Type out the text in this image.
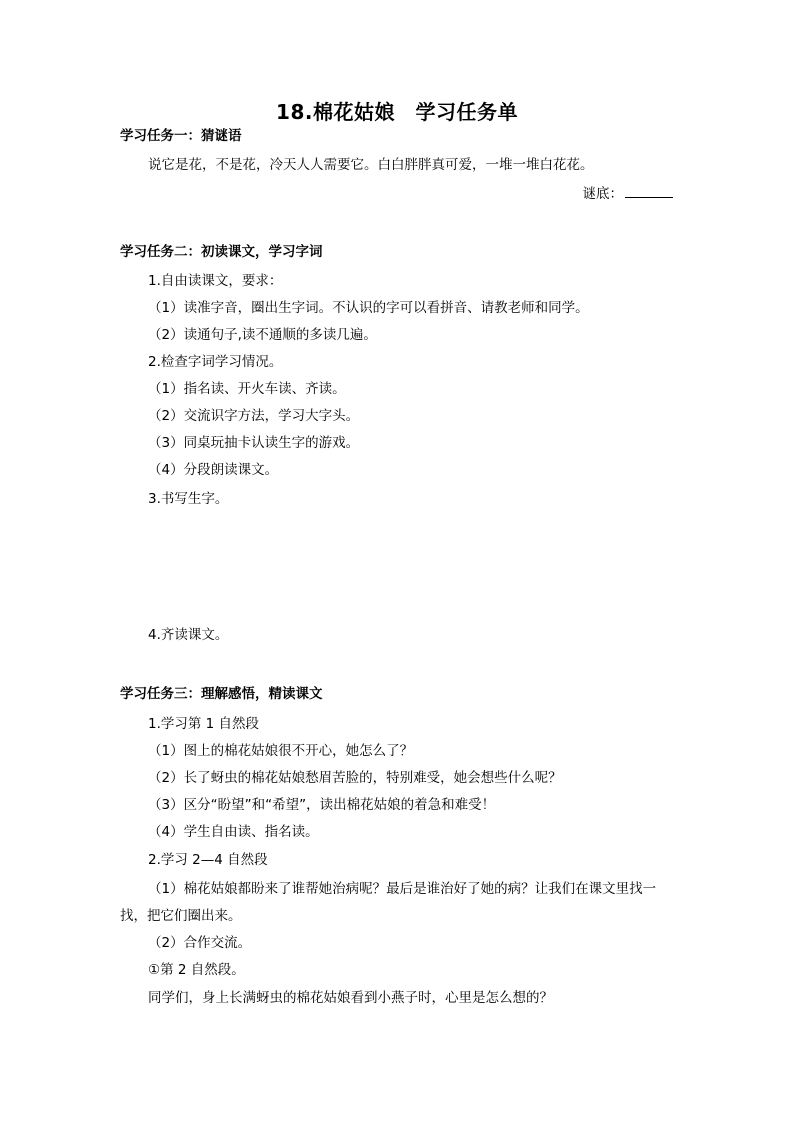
18.棉花姑娘　学习任务单
学习任务一：猜谜语
说它是花，不是花，冷天人人需要它。白白胖胖真可爱，一堆一堆白花花。
谜底：
学习任务二：初读课文，学习字词
1.自由读课文，要求：
（1）读准字音，圈出生字词。不认识的字可以看拼音、请教老师和同学。
（2）读通句子,读不通顺的多读几遍。
2.检查字词学习情况。
（1）指名读、开火车读、齐读。
（2）交流识字方法，学习大字头。
（3）同桌玩抽卡认读生字的游戏。
（4）分段朗读课文。
3.书写生字。
4.齐读课文。
学习任务三：理解感悟，精读课文
1.学习第 1 自然段
（1）图上的棉花姑娘很不开心，她怎么了？
（2）长了蚜虫的棉花姑娘愁眉苦脸的，特别难受，她会想些什么呢？
（3）区分“盼望”和“希望”，读出棉花姑娘的着急和难受！
（4）学生自由读、指名读。
2.学习 2—4 自然段
（1）棉花姑娘都盼来了谁帮她治病呢？最后是谁治好了她的病？让我们在课文里找一
找，把它们圈出来。
（2）合作交流。
①第 2 自然段。
同学们，身上长满蚜虫的棉花姑娘看到小燕子时，心里是怎么想的？
